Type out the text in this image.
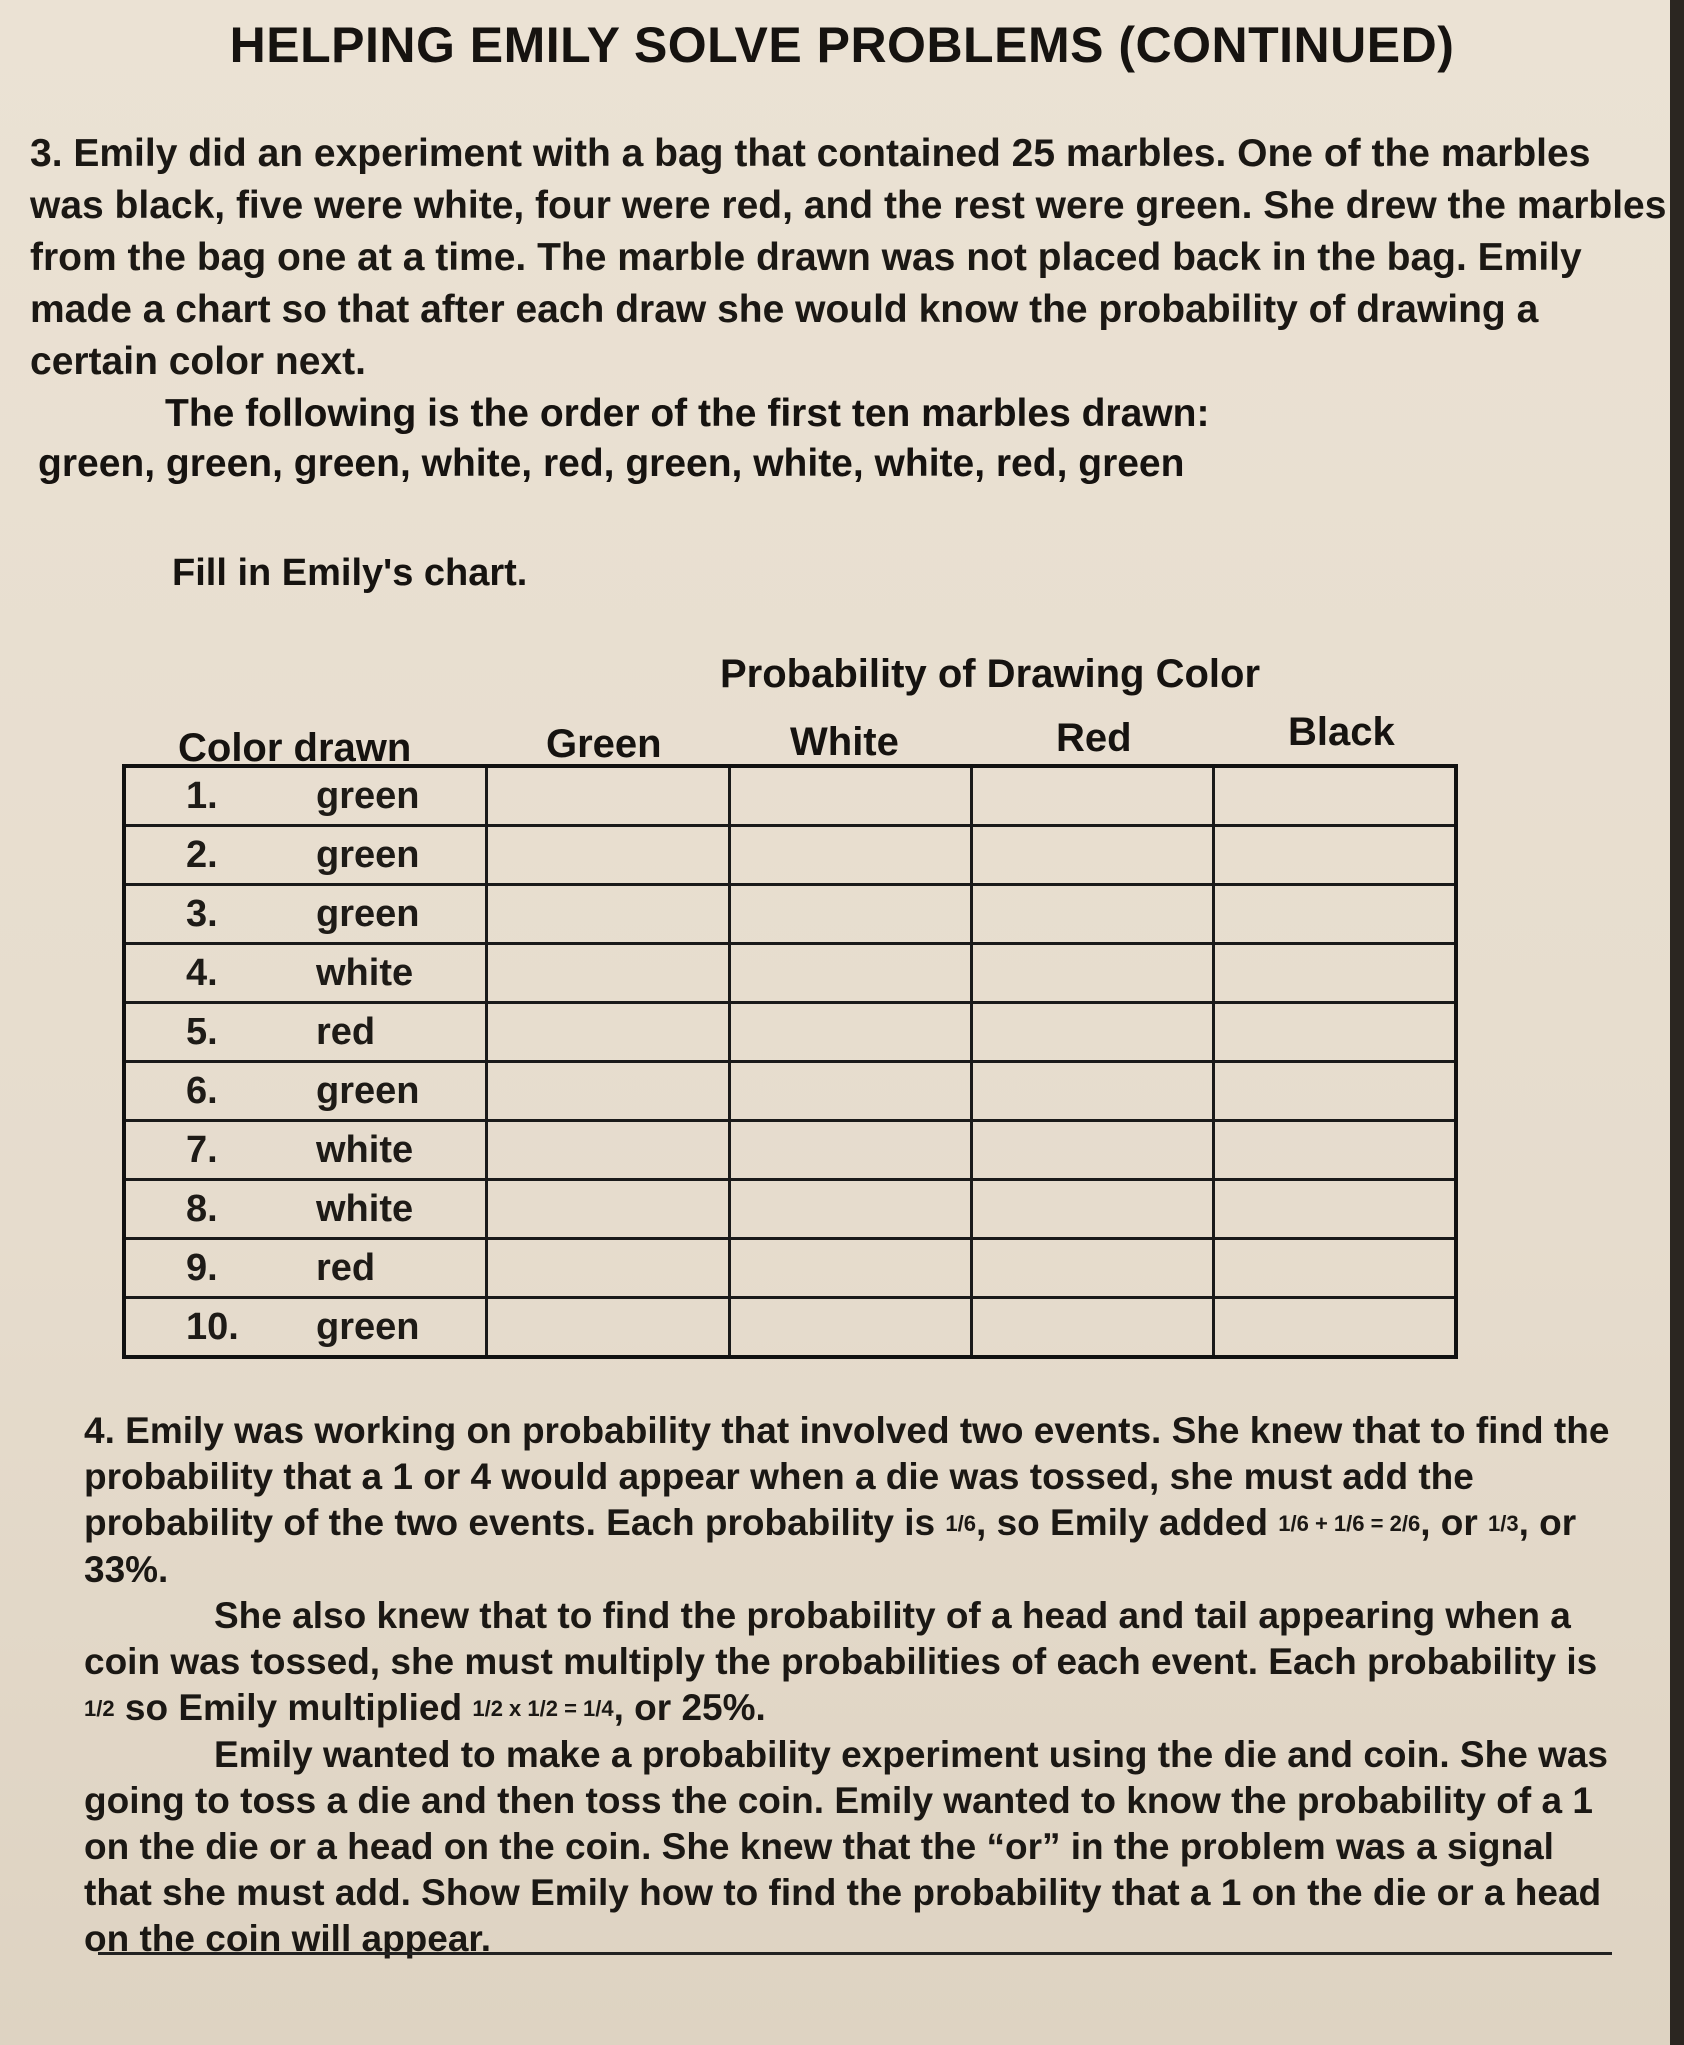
HELPING EMILY SOLVE PROBLEMS (CONTINUED)
3. Emily did an experiment with a bag that contained 25 marbles. One of the marbles was black, five were white, four were red, and the rest were green. She drew the marbles from the bag one at a time. The marble drawn was not placed back in the bag. Emily made a chart so that after each draw she would know the probability of drawing a certain color next.
The following is the order of the first ten marbles drawn:
green, green, green, white, red, green, white, white, red, green
Fill in Emily's chart.
Probability of Drawing Color
Color drawn	Green	White	Red	Black
1. green				
2. green				
3. green				
4. white				
5. red				
6. green				
7. white				
8. white				
9. red				
10. green				
4. Emily was working on probability that involved two events. She knew that to find the probability that a 1 or 4 would appear when a die was tossed, she must add the probability of the two events. Each probability is 1/6, so Emily added 1/6 + 1/6 = 2/6, or 1/3, or 33%.
She also knew that to find the probability of a head and tail appearing when a coin was tossed, she must multiply the probabilities of each event. Each probability is 1/2 so Emily multiplied 1/2 x 1/2 = 1/4, or 25%.
Emily wanted to make a probability experiment using the die and coin. She was going to toss a die and then toss the coin. Emily wanted to know the probability of a 1 on the die or a head on the coin. She knew that the “or” in the problem was a signal that she must add. Show Emily how to find the probability that a 1 on the die or a head on the coin will appear.
